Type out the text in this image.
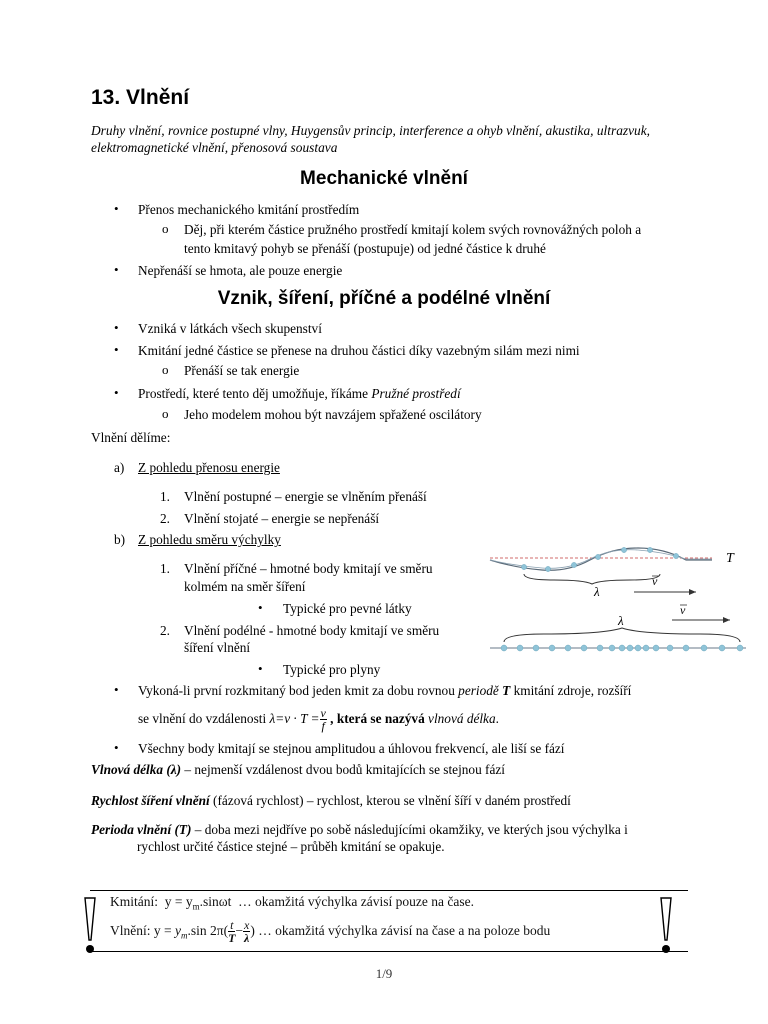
13. Vlnění
Druhy vlnění, rovnice postupné vlny, Huygensův princip, interference a ohyb vlnění, akustika, ultrazvuk, elektromagnetické vlnění, přenosová soustava
Mechanické vlnění
• Přenos mechanického kmitání prostředím
o Děj, při kterém částice pružného prostředí kmitají kolem svých rovnovážných poloh a
tento kmitavý pohyb se přenáší (postupuje) od jedné částice k druhé
• Nepřenáší se hmota, ale pouze energie
Vznik, šíření, příčné a podélné vlnění
• Vzniká v látkách všech skupenství
• Kmitání jedné částice se přenese na druhou částici díky vazebným silám mezi nimi
o Přenáší se tak energie
• Prostředí, které tento děj umožňuje, říkáme Pružné prostředí
o Jeho modelem mohou být navzájem spřažené oscilátory
Vlnění dělíme:
a) Z pohledu přenosu energie
1. Vlnění postupné – energie se vlněním přenáší
2. Vlnění stojaté – energie se nepřenáší
b) Z pohledu směru výchylky
1. Vlnění příčné – hmotné body kmitají ve směru
kolmém na směr šíření
• Typické pro pevné látky
2. Vlnění podélné - hmotné body kmitají ve směru
šíření vlnění
• Typické pro plyny
λ
v
T
v
λ
• Vykoná-li první rozkmitaný bod jeden kmit za dobu rovnou periodě T kmitání zdroje, rozšíří
se vlnění do vzdálenosti $\lambda=v \cdot T = \frac{v}{f}$ , která se nazývá vlnová délka.
• Všechny body kmitají se stejnou amplitudou a úhlovou frekvencí, ale liší se fází
Vlnová délka (λ) – nejmenší vzdálenost dvou bodů kmitajících se stejnou fází
Rychlost šíření vlnění (fázová rychlost) – rychlost, kterou se vlnění šíří v daném prostředí
Perioda vlnění (T) – doba mezi nejdříve po sobě následujícími okamžiky, ve kterých jsou výchylka i
rychlost určité částice stejné – průběh kmitání se opakuje.
Kmitání: $y = y_m.\sin\omega t$ … okamžitá výchylka závisí pouze na čase.
Vlnění: $y = y_m.\sin$ $2\pi( \frac{t}{T} - \frac{x}{\lambda}$ ) … okamžitá výchylka závisí na čase a na poloze bodu
1/9
